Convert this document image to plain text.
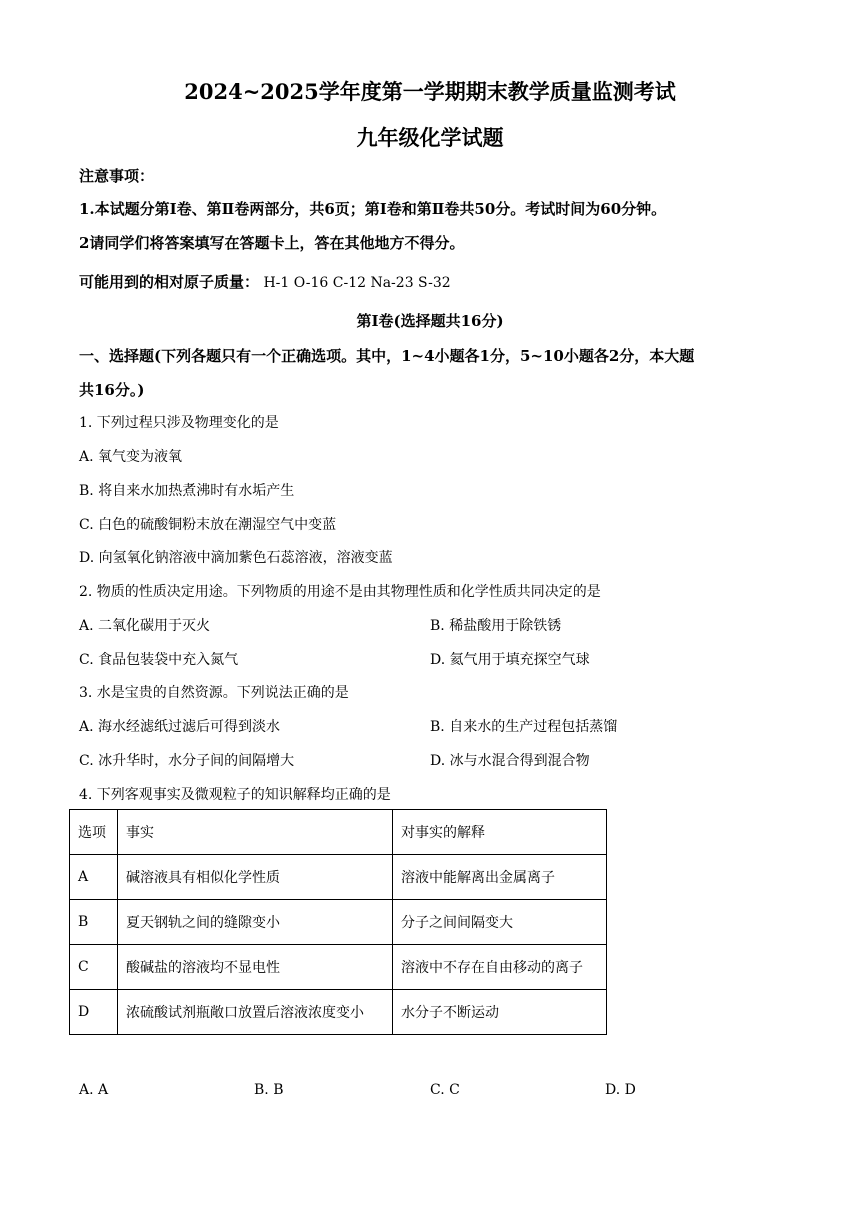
2024~2025学年度第一学期期末教学质量监测考试
九年级化学试题
注意事项：
1.本试题分第Ⅰ卷、第Ⅱ卷两部分，共6页；第Ⅰ卷和第Ⅱ卷共50分。考试时间为60分钟。
2请同学们将答案填写在答题卡上，答在其他地方不得分。
可能用到的相对原子质量： H-1 O-16 C-12 Na-23 S-32
第Ⅰ卷(选择题共16分)
一、选择题(下列各题只有一个正确选项。其中，1~4小题各1分，5~10小题各2分，本大题
共16分。)
1. 下列过程只涉及物理变化的是
A. 氧气变为液氧
B. 将自来水加热煮沸时有水垢产生
C. 白色的硫酸铜粉末放在潮湿空气中变蓝
D. 向氢氧化钠溶液中滴加紫色石蕊溶液，溶液变蓝
2. 物质的性质决定用途。下列物质的用途不是由其物理性质和化学性质共同决定的是
A. 二氧化碳用于灭火	B. 稀盐酸用于除铁锈
C. 食品包装袋中充入氮气	D. 氦气用于填充探空气球
3. 水是宝贵的自然资源。下列说法正确的是
A. 海水经滤纸过滤后可得到淡水	B. 自来水的生产过程包括蒸馏
C. 冰升华时，水分子间的间隔增大	D. 冰与水混合得到混合物
4. 下列客观事实及微观粒子的知识解释均正确的是
选项	事实	对事实的解释
A	碱溶液具有相似化学性质	溶液中能解离出金属离子
B	夏天钢轨之间的缝隙变小	分子之间间隔变大
C	酸碱盐的溶液均不显电性	溶液中不存在自由移动的离子
D	浓硫酸试剂瓶敞口放置后溶液浓度变小	水分子不断运动
A. A	B. B	C. C	D. D
